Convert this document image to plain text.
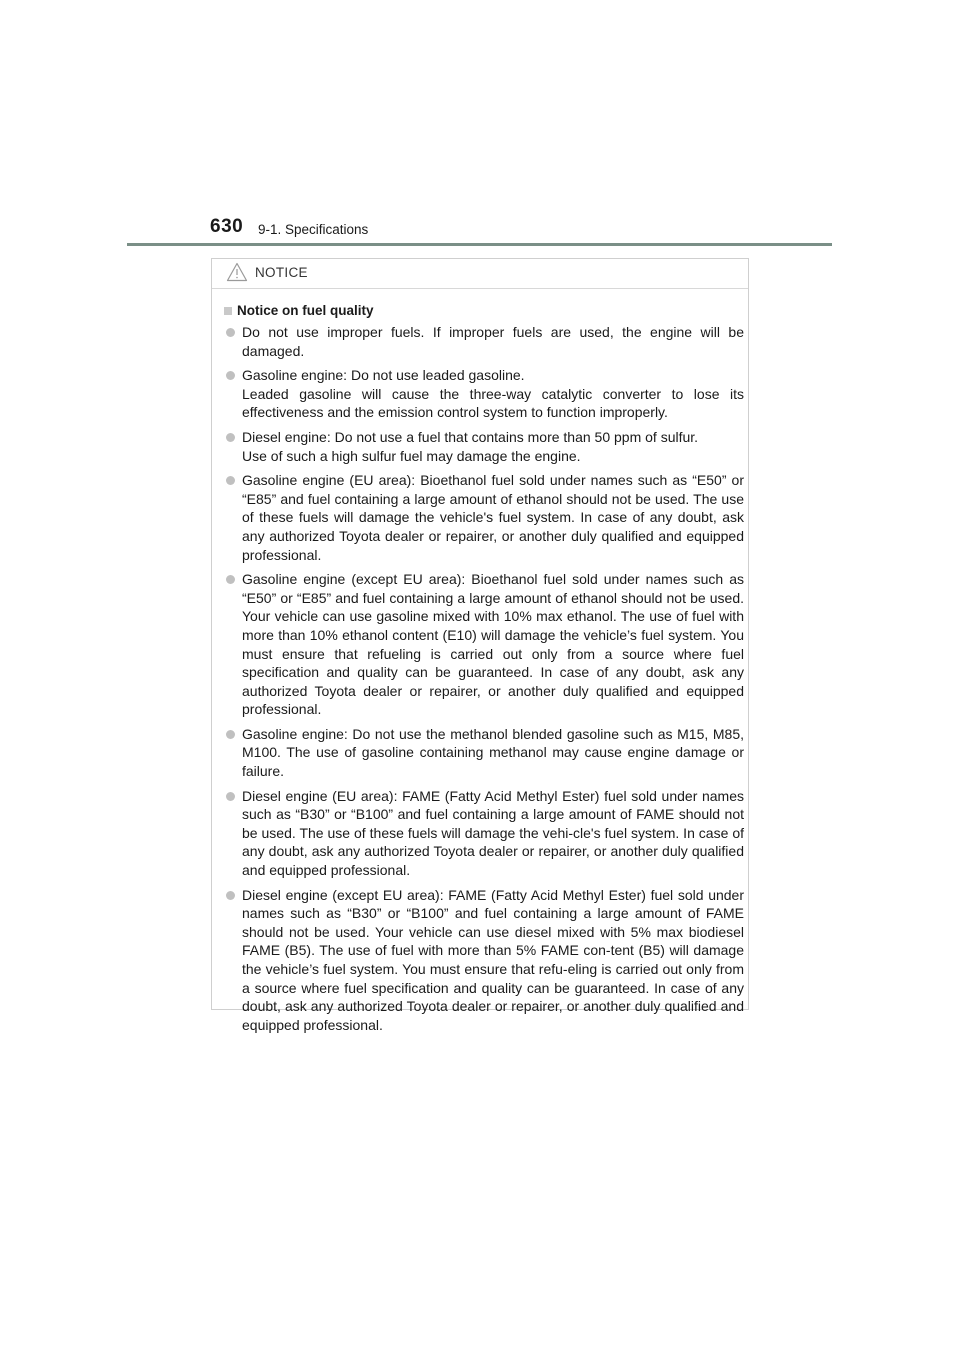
630 9-1. Specifications
NOTICE
Notice on fuel quality
Do not use improper fuels. If improper fuels are used, the engine will be damaged.
Gasoline engine: Do not use leaded gasoline.
Leaded gasoline will cause the three-way catalytic converter to lose its effectiveness and the emission control system to function improperly.
Diesel engine: Do not use a fuel that contains more than 50 ppm of sulfur.
Use of such a high sulfur fuel may damage the engine.
Gasoline engine (EU area): Bioethanol fuel sold under names such as “E50” or “E85” and fuel containing a large amount of ethanol should not be used. The use of these fuels will damage the vehicle's fuel system. In case of any doubt, ask any authorized Toyota dealer or repairer, or another duly qualified and equipped professional.
Gasoline engine (except EU area): Bioethanol fuel sold under names such as “E50” or “E85” and fuel containing a large amount of ethanol should not be used. Your vehicle can use gasoline mixed with 10% max ethanol. The use of fuel with more than 10% ethanol content (E10) will damage the vehicle’s fuel system. You must ensure that refueling is carried out only from a source where fuel specification and quality can be guaranteed. In case of any doubt, ask any authorized Toyota dealer or repairer, or another duly qualified and equipped professional.
Gasoline engine: Do not use the methanol blended gasoline such as M15, M85, M100. The use of gasoline containing methanol may cause engine damage or failure.
Diesel engine (EU area): FAME (Fatty Acid Methyl Ester) fuel sold under names such as “B30” or “B100” and fuel containing a large amount of FAME should not be used. The use of these fuels will damage the vehi-cle's fuel system. In case of any doubt, ask any authorized Toyota dealer or repairer, or another duly qualified and equipped professional.
Diesel engine (except EU area): FAME (Fatty Acid Methyl Ester) fuel sold under names such as “B30” or “B100” and fuel containing a large amount of FAME should not be used. Your vehicle can use diesel mixed with 5% max biodiesel FAME (B5). The use of fuel with more than 5% FAME con-tent (B5) will damage the vehicle’s fuel system. You must ensure that refu-eling is carried out only from a source where fuel specification and quality can be guaranteed. In case of any doubt, ask any authorized Toyota dealer or repairer, or another duly qualified and equipped professional.
